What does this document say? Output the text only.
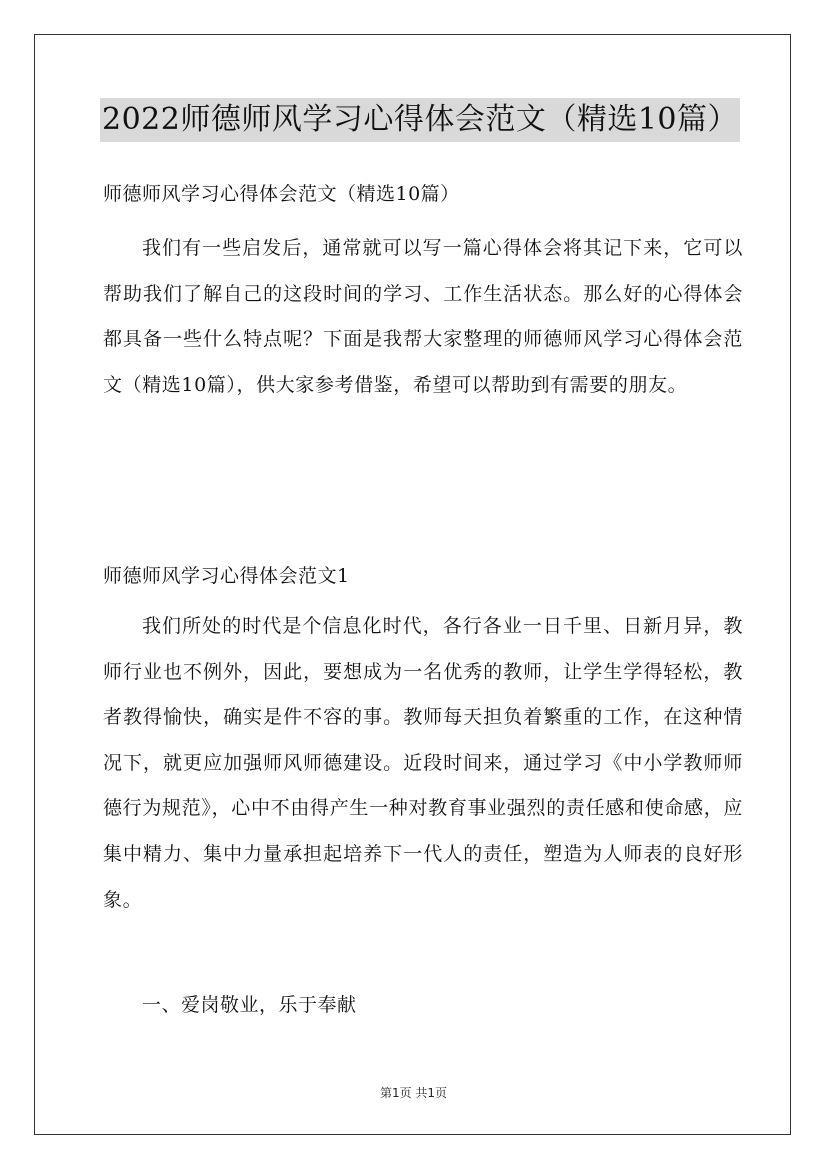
2022师德师风学习心得体会范文（精选10篇）
师德师风学习心得体会范文（精选10篇）

我们有一些启发后，通常就可以写一篇心得体会将其记下来，它可以帮助我们了解自己的这段时间的学习、工作生活状态。那么好的心得体会都具备一些什么特点呢？下面是我帮大家整理的师德师风学习心得体会范文（精选10篇），供大家参考借鉴，希望可以帮助到有需要的朋友。

师德师风学习心得体会范文1

我们所处的时代是个信息化时代，各行各业一日千里、日新月异，教师行业也不例外，因此，要想成为一名优秀的教师，让学生学得轻松，教者教得愉快，确实是件不容的事。教师每天担负着繁重的工作，在这种情况下，就更应加强师风师德建设。近段时间来，通过学习《中小学教师师德行为规范》，心中不由得产生一种对教育事业强烈的责任感和使命感，应集中精力、集中力量承担起培养下一代人的责任，塑造为人师表的良好形象。

一、爱岗敬业，乐于奉献
第1页 共1页
